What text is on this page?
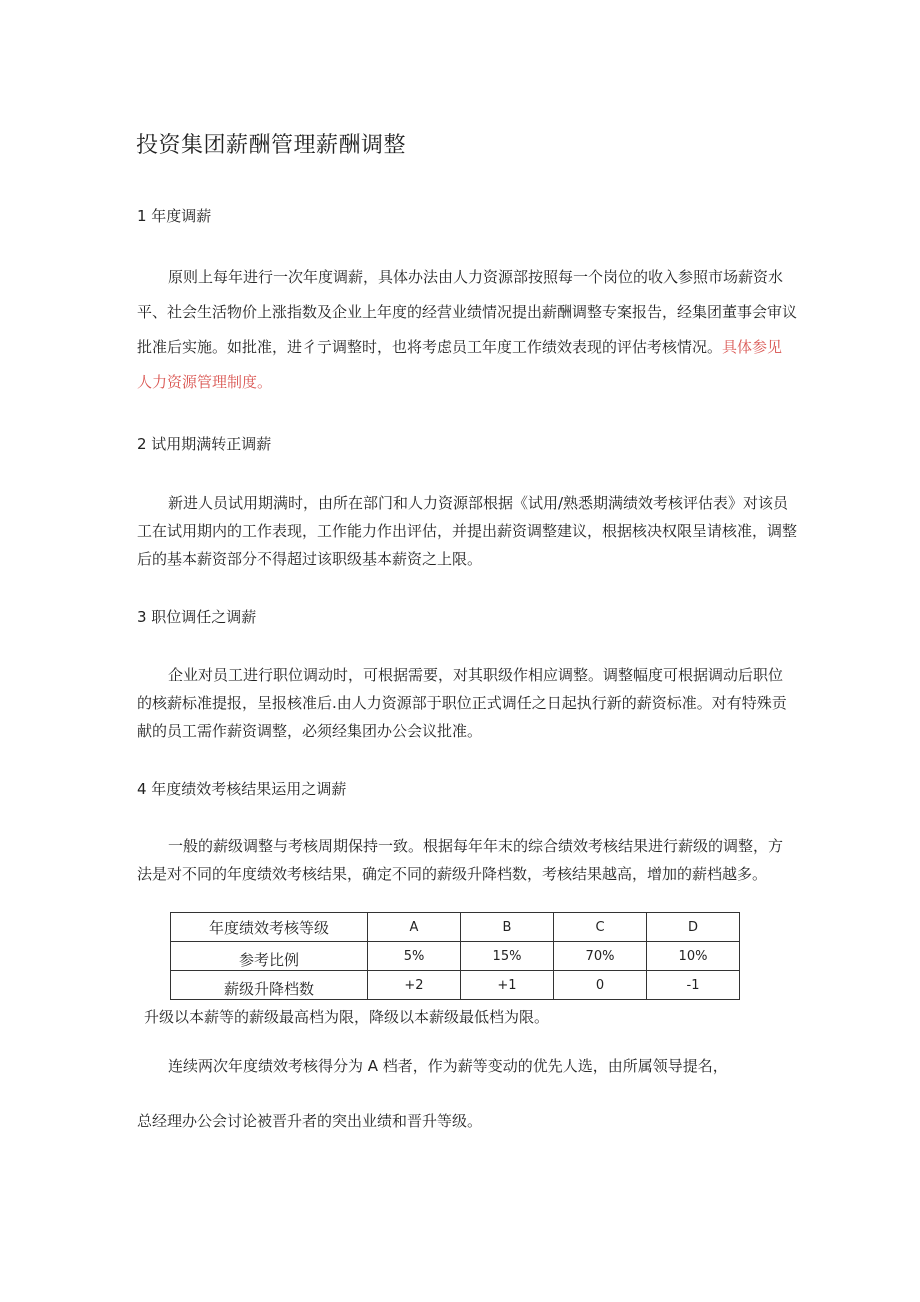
投资集团薪酬管理薪酬调整
1 年度调薪

原则上每年进行一次年度调薪，具体办法由人力资源部按照每一个岗位的收入参照市场薪资水平、社会生活物价上涨指数及企业上年度的经营业绩情况提出薪酬调整专案报告，经集团董事会审议批准后实施。如批准，进彳亍调整时，也将考虑员工年度工作绩效表现的评估考核情况。具体参见人力资源管理制度。

2 试用期满转正调薪

新进人员试用期满时，由所在部门和人力资源部根据《试用/熟悉期满绩效考核评估表》对该员工在试用期内的工作表现，工作能力作出评估，并提出薪资调整建议，根据核决权限呈请核准，调整后的基本薪资部分不得超过该职级基本薪资之上限。

3 职位调任之调薪

企业对员工进行职位调动时，可根据需要，对其职级作相应调整。调整幅度可根据调动后职位的核薪标准提报，呈报核准后.由人力资源部于职位正式调任之日起执行新的薪资标准。对有特殊贡献的员工需作薪资调整，必须经集团办公会议批准。

4 年度绩效考核结果运用之调薪

一般的薪级调整与考核周期保持一致。根据每年年末的综合绩效考核结果进行薪级的调整，方法是对不同的年度绩效考核结果，确定不同的薪级升降档数，考核结果越高，增加的薪档越多。

年度绩效考核等级	A	B	C	D
参考比例	5%	15%	70%	10%
薪级升降档数	+2	+1	0	-1

升级以本薪等的薪级最高档为限，降级以本薪级最低档为限。

连续两次年度绩效考核得分为 A 档者，作为薪等变动的优先人选，由所属领导提名，

总经理办公会讨论被晋升者的突出业绩和晋升等级。
